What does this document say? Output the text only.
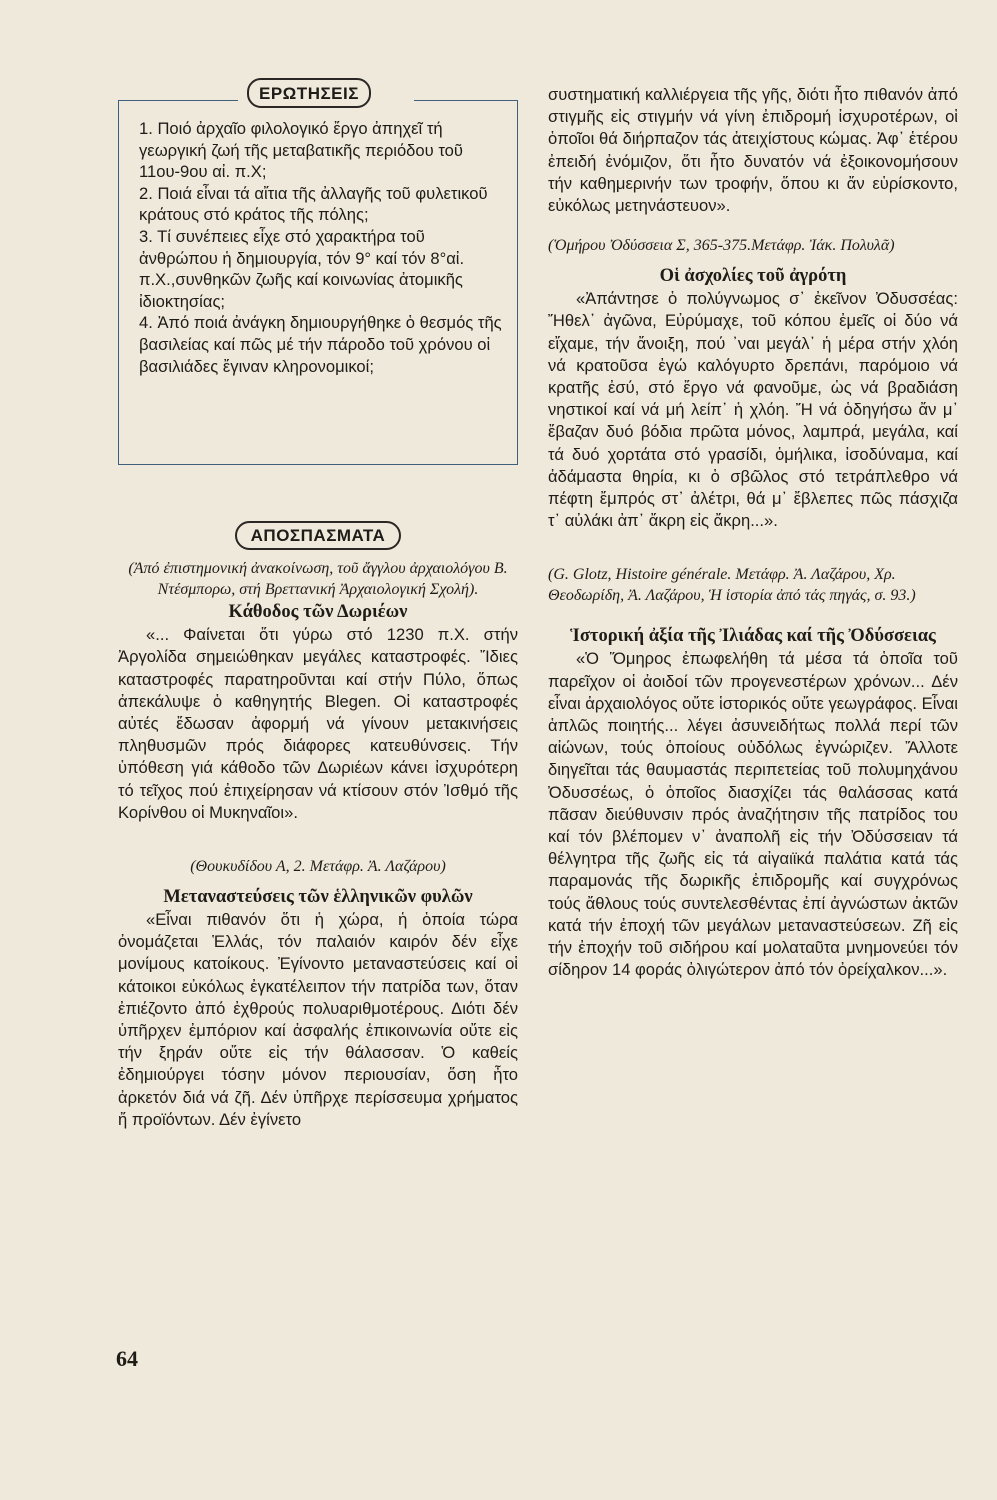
ΕΡΩΤΗΣΕΙΣ

1. Ποιό ἀρχαῖο φιλολογικό ἔργο ἀπηχεῖ τή γεωργική ζωή τῆς μεταβατικῆς περιόδου τοῦ 11ου-9ου αἰ. π.Χ;

2. Ποιά εἶναι τά αἴτια τῆς ἀλλαγῆς τοῦ φυλετικοῦ κράτους στό κράτος τῆς πόλης;

3. Τί συνέπειες εἶχε στό χαρακτήρα τοῦ ἀνθρώπου ἡ δημιουργία, τόν 9° καί τόν 8°αἰ. π.Χ.,συνθηκῶν ζωῆς καί κοινωνίας ἀτομικῆς ἰδιοκτησίας;

4. Ἀπό ποιά ἀνάγκη δημιουργήθηκε ὁ θεσμός τῆς βασιλείας καί πῶς μέ τήν πάροδο τοῦ χρόνου οἱ βασιλιάδες ἔγιναν κληρονομικοί;

ΑΠΟΣΠΑΣΜΑΤΑ

(Ἀπό ἐπιστημονική ἀνακοίνωση, τοῦ ἄγγλου ἀρχαιολόγου Β. Ντέσμπορω, στή Βρεττανική Ἀρχαιολογική Σχολή).

Κάθοδος τῶν Δωριέων

«... Φαίνεται ὅτι γύρω στό 1230 π.Χ. στήν Ἀργολίδα σημειώθηκαν μεγάλες καταστροφές. Ἴδιες καταστροφές παρατηροῦνται καί στήν Πύλο, ὅπως ἀπεκάλυψε ὁ καθηγητής Blegen. Οἱ καταστροφές αὐτές ἔδωσαν ἀφορμή νά γίνουν μετακινήσεις πληθυσμῶν πρός διάφορες κατευθύνσεις. Τήν ὑπόθεση γιά κάθοδο τῶν Δωριέων κάνει ἰσχυρότερη τό τεῖχος πού ἐπιχείρησαν νά κτίσουν στόν Ἰσθμό τῆς Κορίνθου οἱ Μυκηναῖοι».

(Θουκυδίδου Α, 2. Μετάφρ. Ἀ. Λαζάρου)

Μεταναστεύσεις τῶν ἑλληνικῶν φυλῶν

«Εἶναι πιθανόν ὅτι ἡ χώρα, ἡ ὁποία τώρα ὀνομάζεται Ἑλλάς, τόν παλαιόν καιρόν δέν εἶχε μονίμους κατοίκους. Ἐγίνοντο μεταναστεύσεις καί οἱ κάτοικοι εὐκόλως ἐγκατέλειπον τήν πατρίδα των, ὅταν ἐπιέζοντο ἀπό ἐχθρούς πολυαριθμοτέρους. Διότι δέν ὑπῆρχεν ἐμπόριον καί ἀσφαλής ἐπικοινωνία οὔτε εἰς τήν ξηράν οὔτε εἰς τήν θάλασσαν. Ὁ καθείς ἐδημιούργει τόσην μόνον περιουσίαν, ὅση ἦτο ἀρκετόν διά νά ζῆ. Δέν ὑπῆρχε περίσσευμα χρήματος ἤ προϊόντων. Δέν ἐγίνετο

συστηματική καλλιέργεια τῆς γῆς, διότι ἦτο πιθανόν ἀπό στιγμῆς εἰς στιγμήν νά γίνη ἐπιδρομή ἰσχυροτέρων, οἱ ὁποῖοι θά διήρπαζον τάς ἀτειχίστους κώμας. Ἀφ᾽ ἑτέρου ἐπειδή ἐνόμιζον, ὅτι ἦτο δυνατόν νά ἐξοικονομήσουν τήν καθημερινήν των τροφήν, ὅπου κι ἄν εὑρίσκοντο, εὐκόλως μετηνάστευον».

(Ὁμήρου Ὀδύσσεια Σ, 365-375.Μετάφρ. Ἰάκ. Πολυλᾶ)

Οἱ ἀσχολίες τοῦ ἀγρότη

«Ἀπάντησε ὁ πολύγνωμος σ᾽ ἐκεῖνον Ὀδυσσέας: Ἤθελ᾽ ἀγῶνα, Εὐρύμαχε, τοῦ κόπου ἐμεῖς οἱ δύο νά εἴχαμε, τήν ἄνοιξη, πού ᾽ναι μεγάλ᾽ ἡ μέρα στήν χλόη νά κρατοῦσα ἐγώ καλόγυρτο δρεπάνι, παρόμοιο νά κρατῆς ἐσύ, στό ἔργο νά φανοῦμε, ὡς νά βραδιάση νηστικοί καί νά μή λείπ᾽ ἡ χλόη. Ἤ νά ὁδηγήσω ἄν μ᾽ ἔβαζαν δυό βόδια πρῶτα μόνος, λαμπρά, μεγάλα, καί τά δυό χορτάτα στό γρασίδι, ὁμήλικα, ἰσοδύναμα, καί ἀδάμαστα θηρία, κι ὁ σβῶλος στό τετράπλεθρο νά πέφτη ἔμπρός στ᾽ ἀλέτρι, θά μ᾽ ἔβλεπες πῶς πάσχιζα τ᾽ αὐλάκι ἀπ᾽ ἄκρη εἰς ἄκρη...».

(G. Glotz, Histoire générale. Μετάφρ. Ἀ. Λαζάρου, Χρ. Θεοδωρίδη, Ἀ. Λαζάρου, Ἡ ἱστορία ἀπό τάς πηγάς, σ. 93.)

Ἱστορική ἀξία τῆς Ἰλιάδας καί τῆς Ὀδύσσειας

«Ὁ Ὅμηρος ἐπωφελήθη τά μέσα τά ὁποῖα τοῦ παρεῖχον οἱ ἀοιδοί τῶν προγενεστέρων χρόνων... Δέν εἶναι ἀρχαιολόγος οὔτε ἱστορικός οὔτε γεωγράφος. Εἶναι ἁπλῶς ποιητής... λέγει ἀσυνειδήτως πολλά περί τῶν αἰώνων, τούς ὁποίους οὐδόλως ἐγνώριζεν. Ἄλλοτε διηγεῖται τάς θαυμαστάς περιπετείας τοῦ πολυμηχάνου Ὀδυσσέως, ὁ ὁποῖος διασχίζει τάς θαλάσσας κατά πᾶσαν διεύθυνσιν πρός ἀναζήτησιν τῆς πατρίδος του καί τόν βλέπομεν ν᾽ ἀναπολῆ εἰς τήν Ὀδύσσειαν τά θέλγητρα τῆς ζωῆς εἰς τά αἰγαιϊκά παλάτια κατά τάς παραμονάς τῆς δωρικῆς ἐπιδρομῆς καί συγχρόνως τούς ἄθλους τούς συντελεσθέντας ἐπί ἀγνώστων ἀκτῶν κατά τήν ἐποχή τῶν μεγάλων μεταναστεύσεων. Ζῆ εἰς τήν ἐποχήν τοῦ σιδήρου καί μολαταῦτα μνημονεύει τόν σίδηρον 14 φοράς ὀλιγώτερον ἀπό τόν ὀρείχαλκον...».

64
